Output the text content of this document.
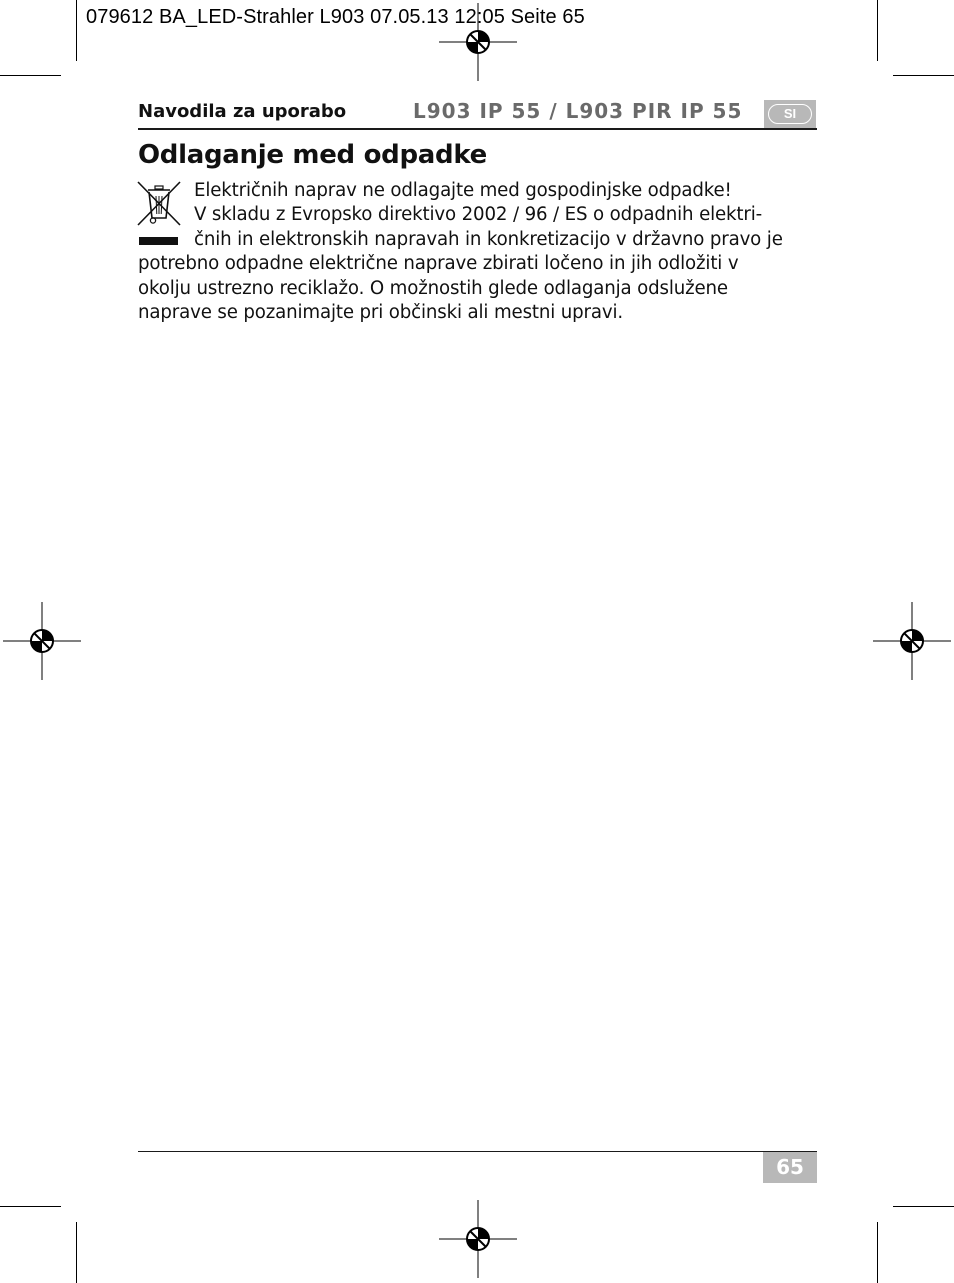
079612 BA_LED-Strahler L903 07.05.13 12:05 Seite 65
Navodila za uporabo	L903 IP 55 / L903 PIR IP 55	SI
Odlaganje med odpadke
Električnih naprav ne odlagajte med gospodinjske odpadke!
V skladu z Evropsko direktivo 2002 / 96 / ES o odpadnih elektri-
čnih in elektronskih napravah in konkretizacijo v državno pravo je
potrebno odpadne električne naprave zbirati ločeno in jih odložiti v
okolju ustrezno reciklažo. O možnostih glede odlaganja odslužene
naprave se pozanimajte pri občinski ali mestni upravi.
65
